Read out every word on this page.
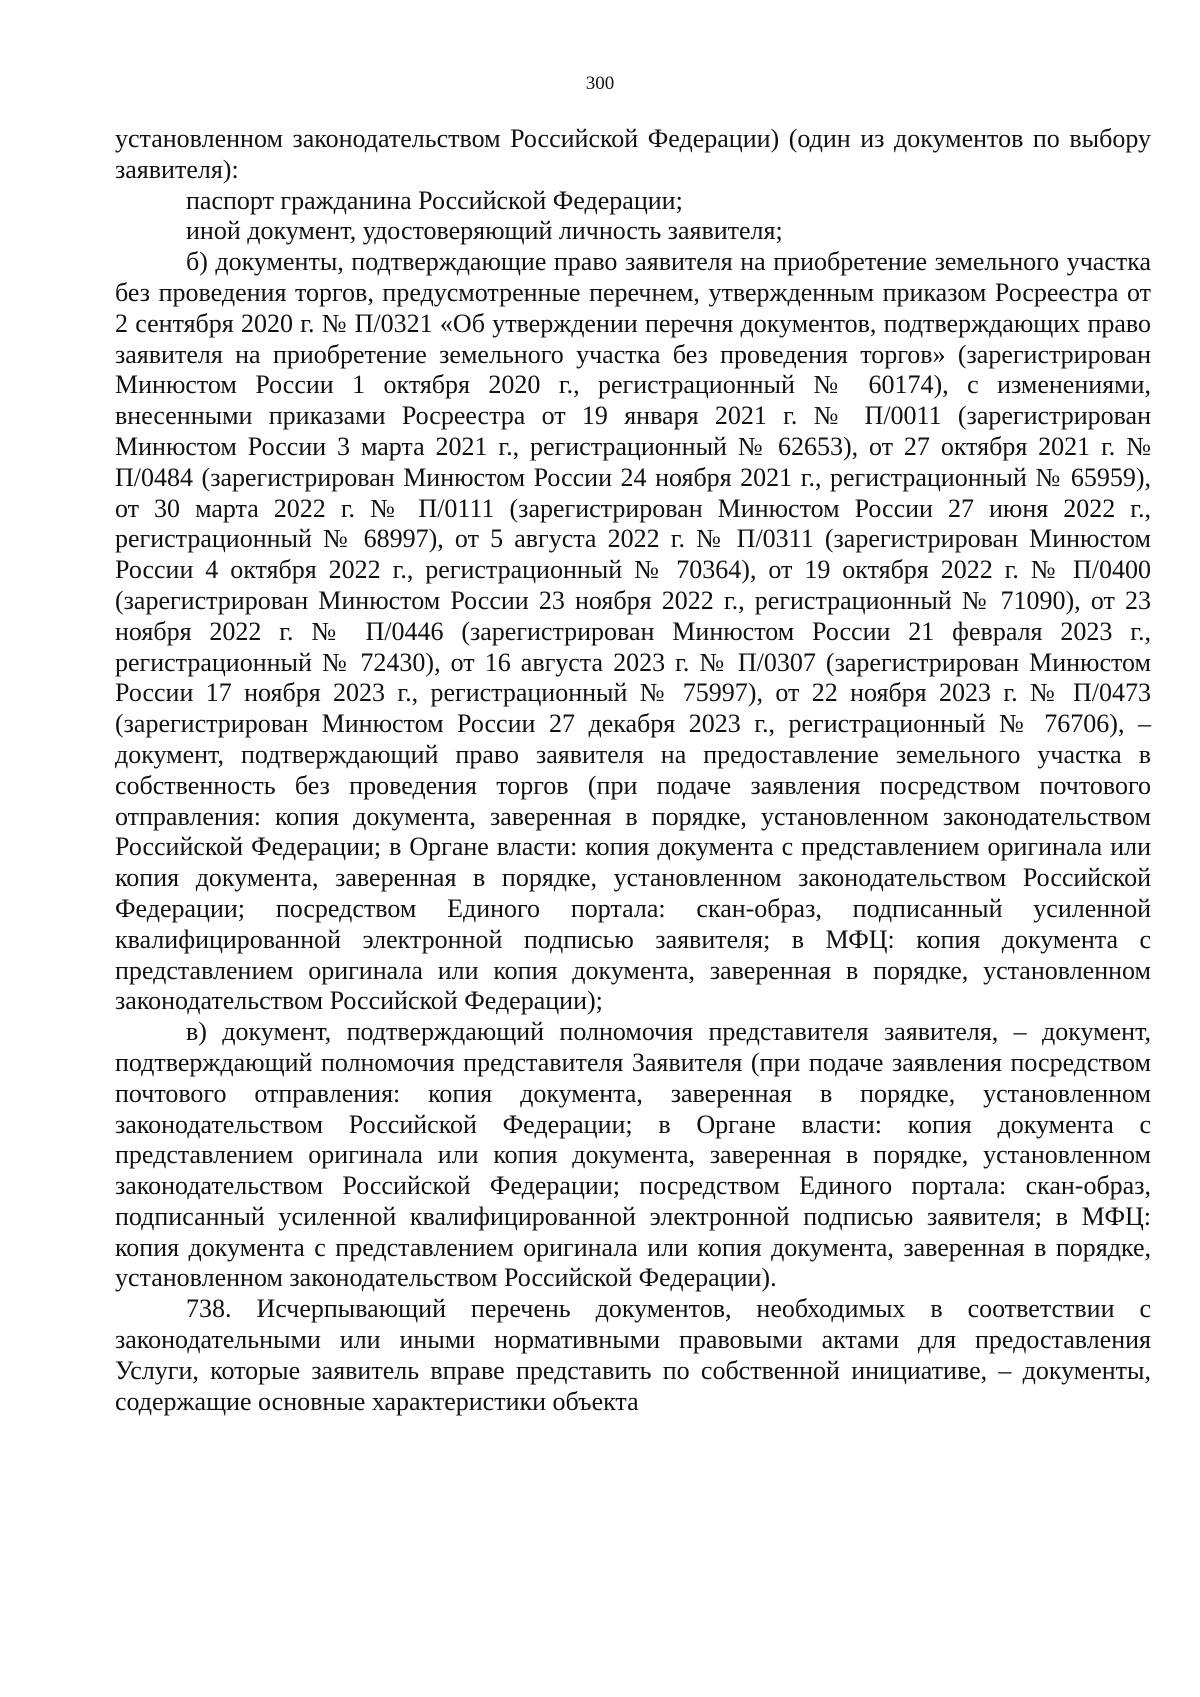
300

установленном законодательством Российской Федерации) (один из документов по выбору заявителя):

паспорт гражданина Российской Федерации;

иной документ, удостоверяющий личность заявителя;

б) документы, подтверждающие право заявителя на приобретение земельного участка без проведения торгов, предусмотренные перечнем, утвержденным приказом Росреестра от 2 сентября 2020 г. № П/0321 «Об утверждении перечня документов, подтверждающих право заявителя на приобретение земельного участка без проведения торгов» (зарегистрирован Минюстом России 1 октября 2020 г., регистрационный № 60174), с изменениями, внесенными приказами Росреестра от 19 января 2021 г. № П/0011 (зарегистрирован Минюстом России 3 марта 2021 г., регистрационный № 62653), от 27 октября 2021 г. № П/0484 (зарегистрирован Минюстом России 24 ноября 2021 г., регистрационный № 65959), от 30 марта 2022 г. № П/0111 (зарегистрирован Минюстом России 27 июня 2022 г., регистрационный № 68997), от 5 августа 2022 г. № П/0311 (зарегистрирован Минюстом России 4 октября 2022 г., регистрационный № 70364), от 19 октября 2022 г. № П/0400 (зарегистрирован Минюстом России 23 ноября 2022 г., регистрационный № 71090), от 23 ноября 2022 г. № П/0446 (зарегистрирован Минюстом России 21 февраля 2023 г., регистрационный № 72430), от 16 августа 2023 г. № П/0307 (зарегистрирован Минюстом России 17 ноября 2023 г., регистрационный № 75997), от 22 ноября 2023 г. № П/0473 (зарегистрирован Минюстом России 27 декабря 2023 г., регистрационный № 76706), – документ, подтверждающий право заявителя на предоставление земельного участка в собственность без проведения торгов (при подаче заявления посредством почтового отправления: копия документа, заверенная в порядке, установленном законодательством Российской Федерации; в Органе власти: копия документа с представлением оригинала или копия документа, заверенная в порядке, установленном законодательством Российской Федерации; посредством Единого портала: скан-образ, подписанный усиленной квалифицированной электронной подписью заявителя; в МФЦ: копия документа с представлением оригинала или копия документа, заверенная в порядке, установленном законодательством Российской Федерации);

в) документ, подтверждающий полномочия представителя заявителя, – документ, подтверждающий полномочия представителя Заявителя (при подаче заявления посредством почтового отправления: копия документа, заверенная в порядке, установленном законодательством Российской Федерации; в Органе власти: копия документа с представлением оригинала или копия документа, заверенная в порядке, установленном законодательством Российской Федерации; посредством Единого портала: скан-образ, подписанный усиленной квалифицированной электронной подписью заявителя; в МФЦ: копия документа с представлением оригинала или копия документа, заверенная в порядке, установленном законодательством Российской Федерации).

738. Исчерпывающий перечень документов, необходимых в соответствии с законодательными или иными нормативными правовыми актами для предоставления Услуги, которые заявитель вправе представить по собственной инициативе, – документы, содержащие основные характеристики объекта
